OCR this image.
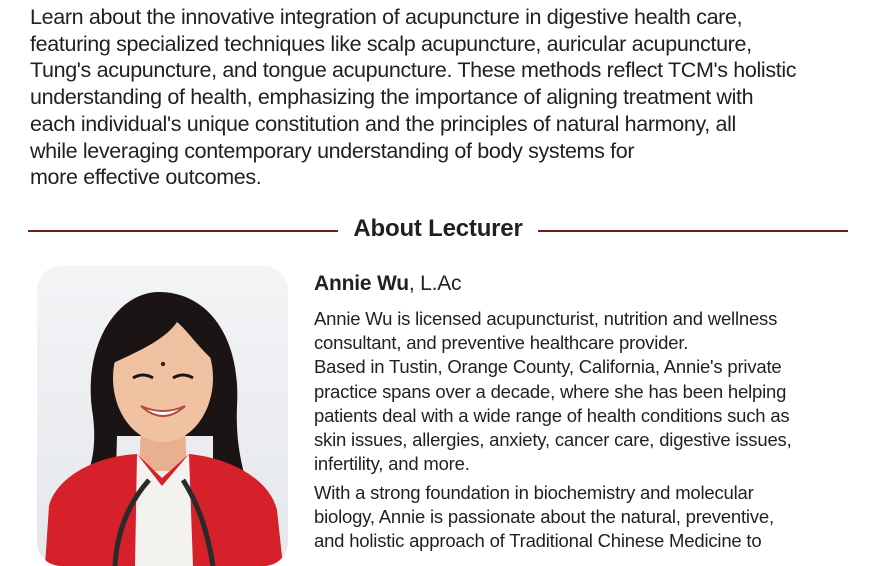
Learn about the innovative integration of acupuncture in digestive health care,
featuring specialized techniques like scalp acupuncture, auricular acupuncture,
Tung's acupuncture, and tongue acupuncture. These methods reflect TCM's holistic
understanding of health, emphasizing the importance of aligning treatment with
each individual's unique constitution and the principles of natural harmony, all
while leveraging contemporary understanding of body systems for
more effective outcomes.
About Lecturer
Annie Wu, L.Ac
Annie Wu is licensed acupuncturist, nutrition and wellness
consultant, and preventive healthcare provider.
Based in Tustin, Orange County, California, Annie's private
practice spans over a decade, where she has been helping
patients deal with a wide range of health conditions such as
skin issues, allergies, anxiety, cancer care, digestive issues,
infertility, and more.
With a strong foundation in biochemistry and molecular
biology, Annie is passionate about the natural, preventive,
and holistic approach of Traditional Chinese Medicine to
